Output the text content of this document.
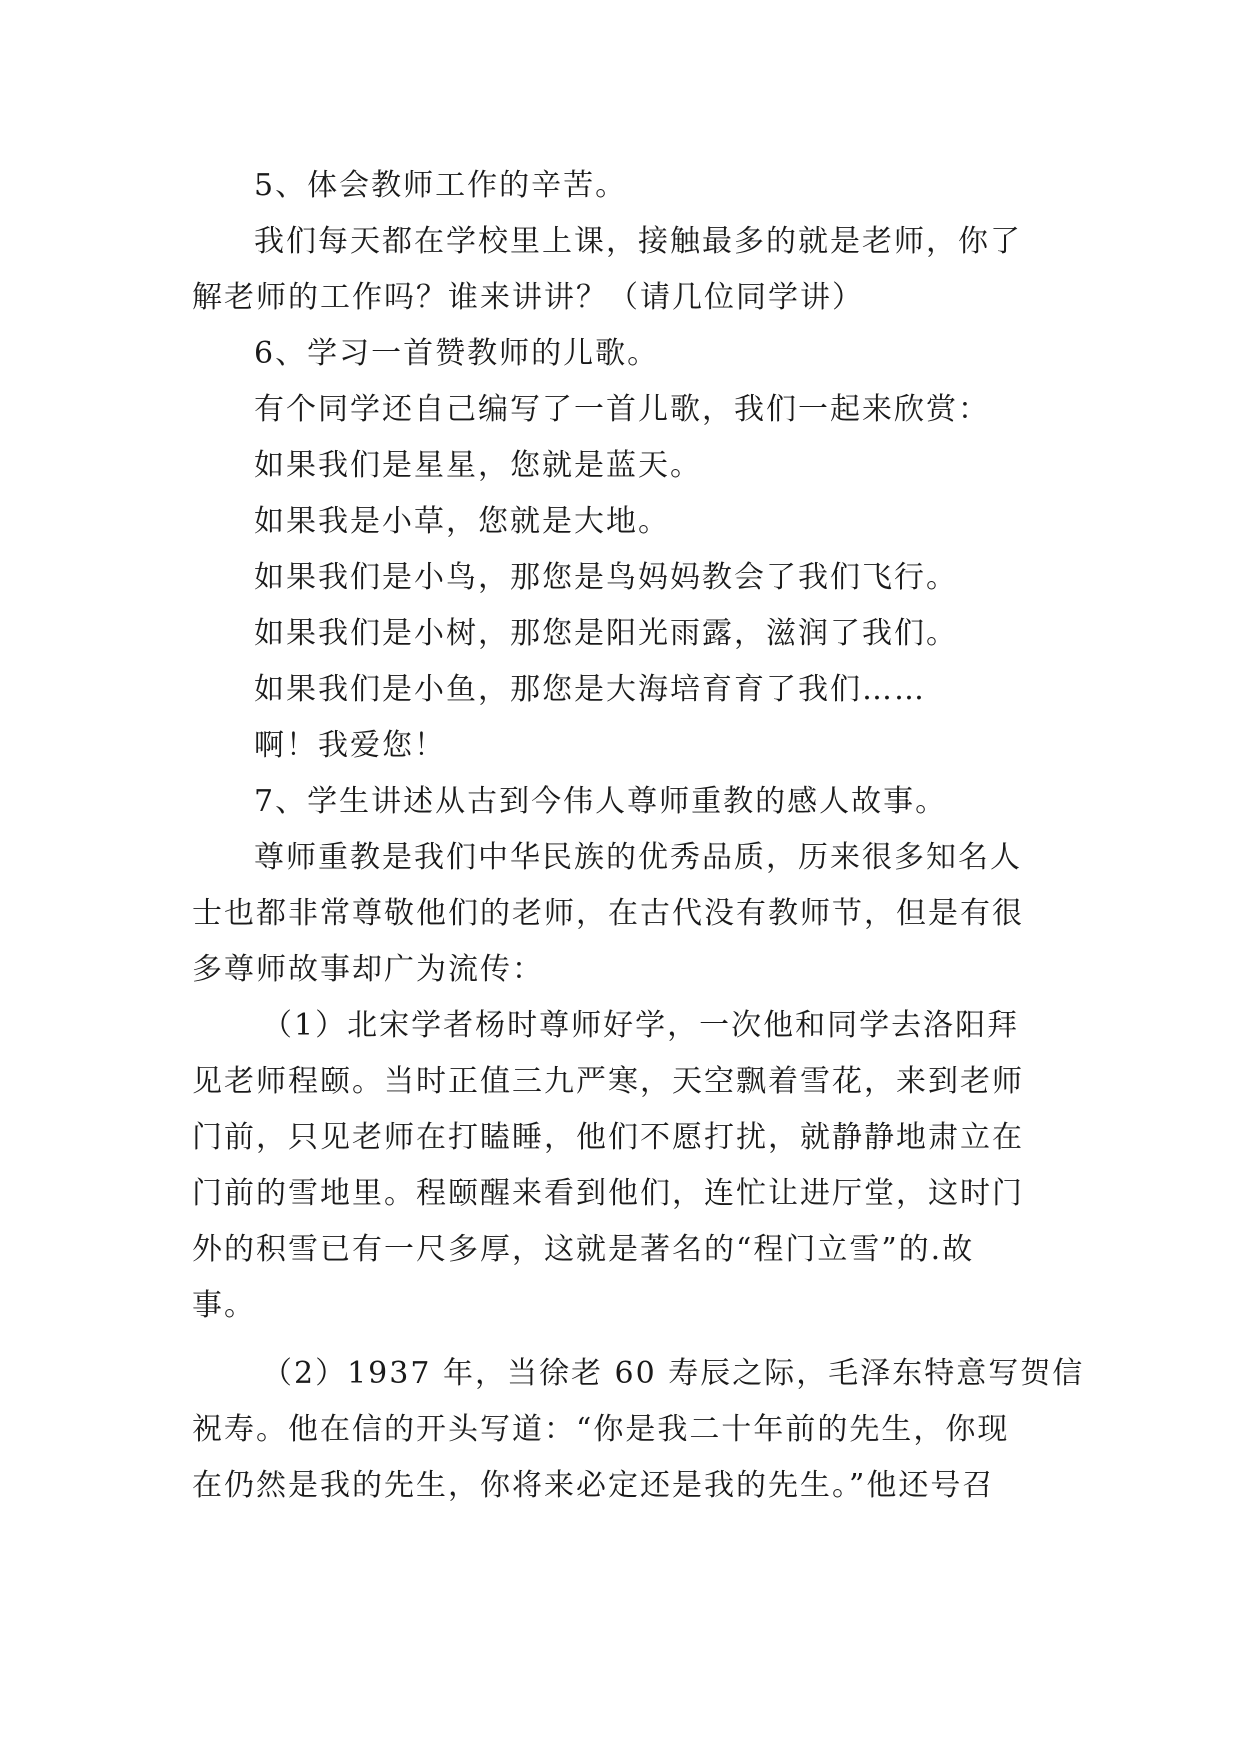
5、体会教师工作的辛苦。
我们每天都在学校里上课，接触最多的就是老师，你了
解老师的工作吗？谁来讲讲？（请几位同学讲）
6、学习一首赞教师的儿歌。
有个同学还自己编写了一首儿歌，我们一起来欣赏：
如果我们是星星，您就是蓝天。
如果我是小草，您就是大地。
如果我们是小鸟，那您是鸟妈妈教会了我们飞行。
如果我们是小树，那您是阳光雨露，滋润了我们。
如果我们是小鱼，那您是大海培育育了我们……
啊！我爱您！
7、学生讲述从古到今伟人尊师重教的感人故事。
尊师重教是我们中华民族的优秀品质，历来很多知名人
士也都非常尊敬他们的老师，在古代没有教师节，但是有很
多尊师故事却广为流传：
（1）北宋学者杨时尊师好学，一次他和同学去洛阳拜
见老师程颐。当时正值三九严寒，天空飘着雪花，来到老师
门前，只见老师在打瞌睡，他们不愿打扰，就静静地肃立在
门前的雪地里。程颐醒来看到他们，连忙让进厅堂，这时门
外的积雪已有一尺多厚，这就是著名的“程门立雪”的.故
事。
（2）1937 年，当徐老 60 寿辰之际，毛泽东特意写贺信
祝寿。他在信的开头写道：“你是我二十年前的先生，你现
在仍然是我的先生，你将来必定还是我的先生。”他还号召
